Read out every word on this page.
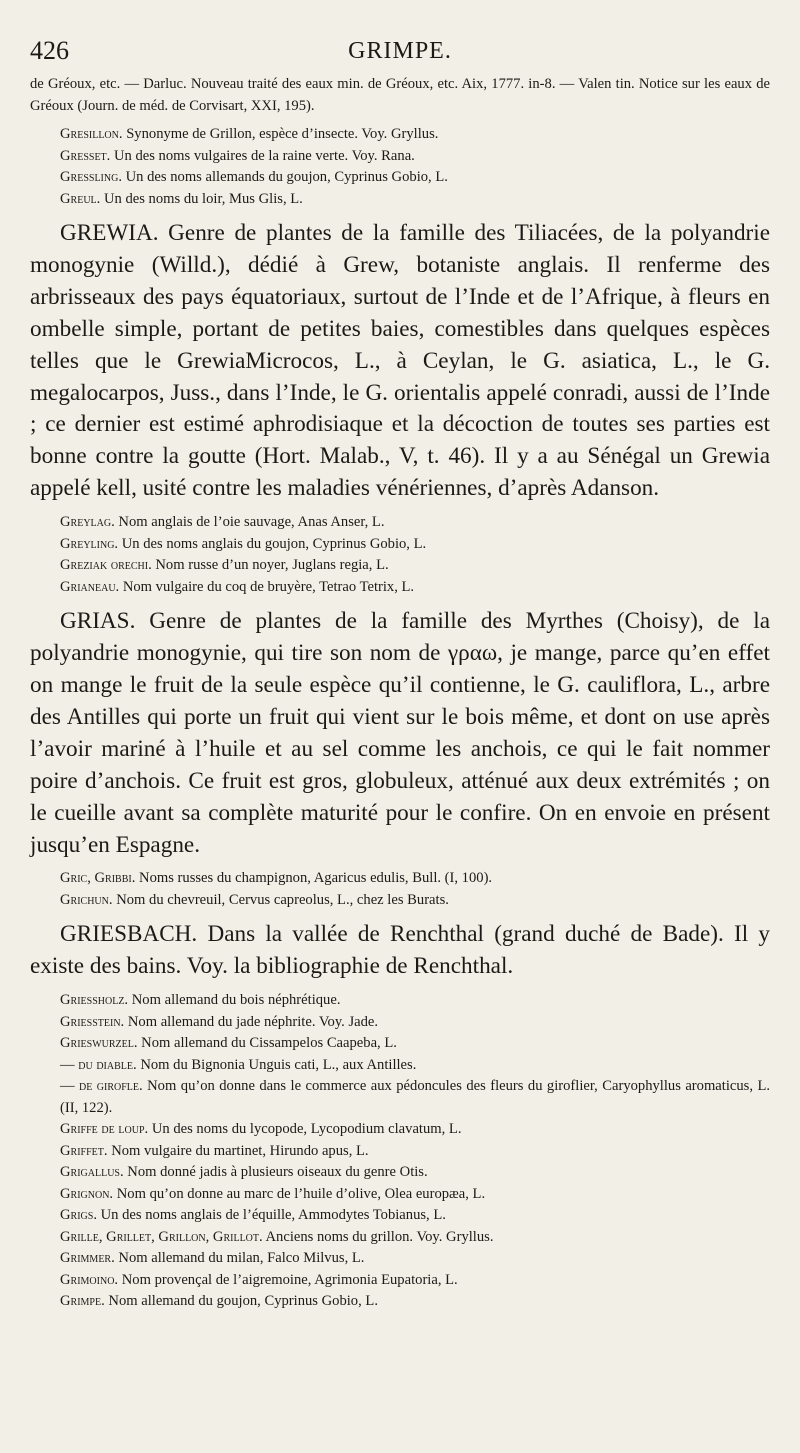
426	GRIMPE.

de Gréoux, etc. — Darluc. Nouveau traité des eaux min. de Gréoux, etc. Aix, 1777. in-8. — Valen tin. Notice sur les eaux de Gréoux (Journ. de méd. de Corvisart, XXI, 195).

Gresillon. Synonyme de Grillon, espèce d’insecte. Voy. Gryllus.

Gresset. Un des noms vulgaires de la raine verte. Voy. Rana.

Gressling. Un des noms allemands du goujon, Cyprinus Gobio, L.

Greul. Un des noms du loir, Mus Glis, L.

GREWIA. Genre de plantes de la famille des Tiliacées, de la polyandrie monogynie (Willd.), dédié à Grew, botaniste anglais. Il renferme des arbrisseaux des pays équatoriaux, surtout de l’Inde et de l’Afrique, à fleurs en ombelle simple, portant de petites baies, comestibles dans quelques espèces telles que le GrewiaMicrocos, L., à Ceylan, le G. asiatica, L., le G. megalocarpos, Juss., dans l’Inde, le G. orientalis appelé conradi, aussi de l’Inde ; ce dernier est estimé aphrodisiaque et la décoction de toutes ses parties est bonne contre la goutte (Hort. Malab., V, t. 46). Il y a au Sénégal un Grewia appelé kell, usité contre les maladies vénériennes, d’après Adanson.

Greylag. Nom anglais de l’oie sauvage, Anas Anser, L.

Greyling. Un des noms anglais du goujon, Cyprinus Gobio, L.

Greziak orechi. Nom russe d’un noyer, Juglans regia, L.

Grianeau. Nom vulgaire du coq de bruyère, Tetrao Tetrix, L.

GRIAS. Genre de plantes de la famille des Myrthes (Choisy), de la polyandrie monogynie, qui tire son nom de γραω, je mange, parce qu’en effet on mange le fruit de la seule espèce qu’il contienne, le G. cauliflora, L., arbre des Antilles qui porte un fruit qui vient sur le bois même, et dont on use après l’avoir mariné à l’huile et au sel comme les anchois, ce qui le fait nommer poire d’anchois. Ce fruit est gros, globuleux, atténué aux deux extrémités ; on le cueille avant sa complète maturité pour le confire. On en envoie en présent jusqu’en Espagne.

Gric, Gribbi. Noms russes du champignon, Agaricus edulis, Bull. (I, 100).

Grichun. Nom du chevreuil, Cervus capreolus, L., chez les Burats.

GRIESBACH. Dans la vallée de Renchthal (grand duché de Bade). Il y existe des bains. Voy. la bibliographie de Renchthal.

Griessholz. Nom allemand du bois néphrétique.

Griesstein. Nom allemand du jade néphrite. Voy. Jade.

Grieswurzel. Nom allemand du Cissampelos Caapeba, L.

— du diable. Nom du Bignonia Unguis cati, L., aux Antilles.

— de girofle. Nom qu’on donne dans le commerce aux pédoncules des fleurs du giroflier, Caryophyllus aromaticus, L. (II, 122).

Griffe de loup. Un des noms du lycopode, Lycopodium clavatum, L.

Griffet. Nom vulgaire du martinet, Hirundo apus, L.

Grigallus. Nom donné jadis à plusieurs oiseaux du genre Otis.

Grignon. Nom qu’on donne au marc de l’huile d’olive, Olea europæa, L.

Grigs. Un des noms anglais de l’équille, Ammodytes Tobianus, L.

Grille, Grillet, Grillon, Grillot. Anciens noms du grillon. Voy. Gryllus.

Grimmer. Nom allemand du milan, Falco Milvus, L.

Grimoino. Nom provençal de l’aigremoine, Agrimonia Eupatoria, L.

Grimpe. Nom allemand du goujon, Cyprinus Gobio, L.
